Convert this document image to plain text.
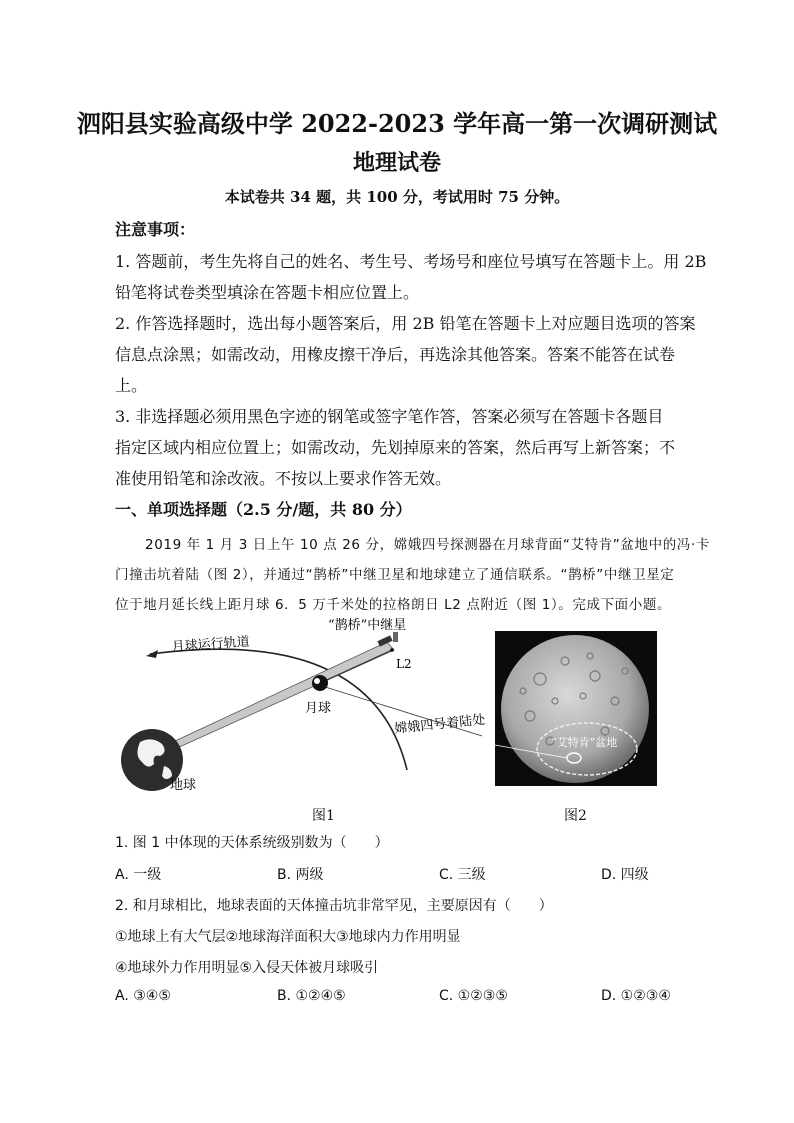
泗阳县实验高级中学 2022-2023 学年高一第一次调研测试
地理试卷
本试卷共 34 题，共 100 分，考试用时 75 分钟。
注意事项：
1. 答题前，考生先将自己的姓名、考生号、考场号和座位号填写在答题卡上。用 2B
铅笔将试卷类型填涂在答题卡相应位置上。
2. 作答选择题时，选出每小题答案后，用 2B 铅笔在答题卡上对应题目选项的答案
信息点涂黑；如需改动，用橡皮擦干净后，再选涂其他答案。答案不能答在试卷
上。
3. 非选择题必须用黑色字迹的钢笔或签字笔作答，答案必须写在答题卡各题目
指定区域内相应位置上；如需改动，先划掉原来的答案，然后再写上新答案；不
准使用铅笔和涂改液。不按以上要求作答无效。
一、单项选择题（2.5 分/题，共 80 分）
2019 年 1 月 3 日上午 10 点 26 分，嫦娥四号探测器在月球背面“艾特肯”盆地中的冯·卡
门撞击坑着陆（图 2），并通过“鹊桥”中继卫星和地球建立了通信联系。“鹊桥”中继卫星定
位于地月延长线上距月球 6．5 万千米处的拉格朗日 L2 点附近（图 1）。完成下面小题。
“鹊桥”中继星
月球运行轨道
L2
月球
嫦娥四号着陆处
地球
“艾特肯”盆地
图1	图2
1. 图 1 中体现的天体系统级别数为（　　）
A. 一级	B. 两级	C. 三级	D. 四级
2. 和月球相比，地球表面的天体撞击坑非常罕见，主要原因有（　　）
①地球上有大气层②地球海洋面积大③地球内力作用明显
④地球外力作用明显⑤入侵天体被月球吸引
A. ③④⑤	B. ①②④⑤	C. ①②③⑤	D. ①②③④
